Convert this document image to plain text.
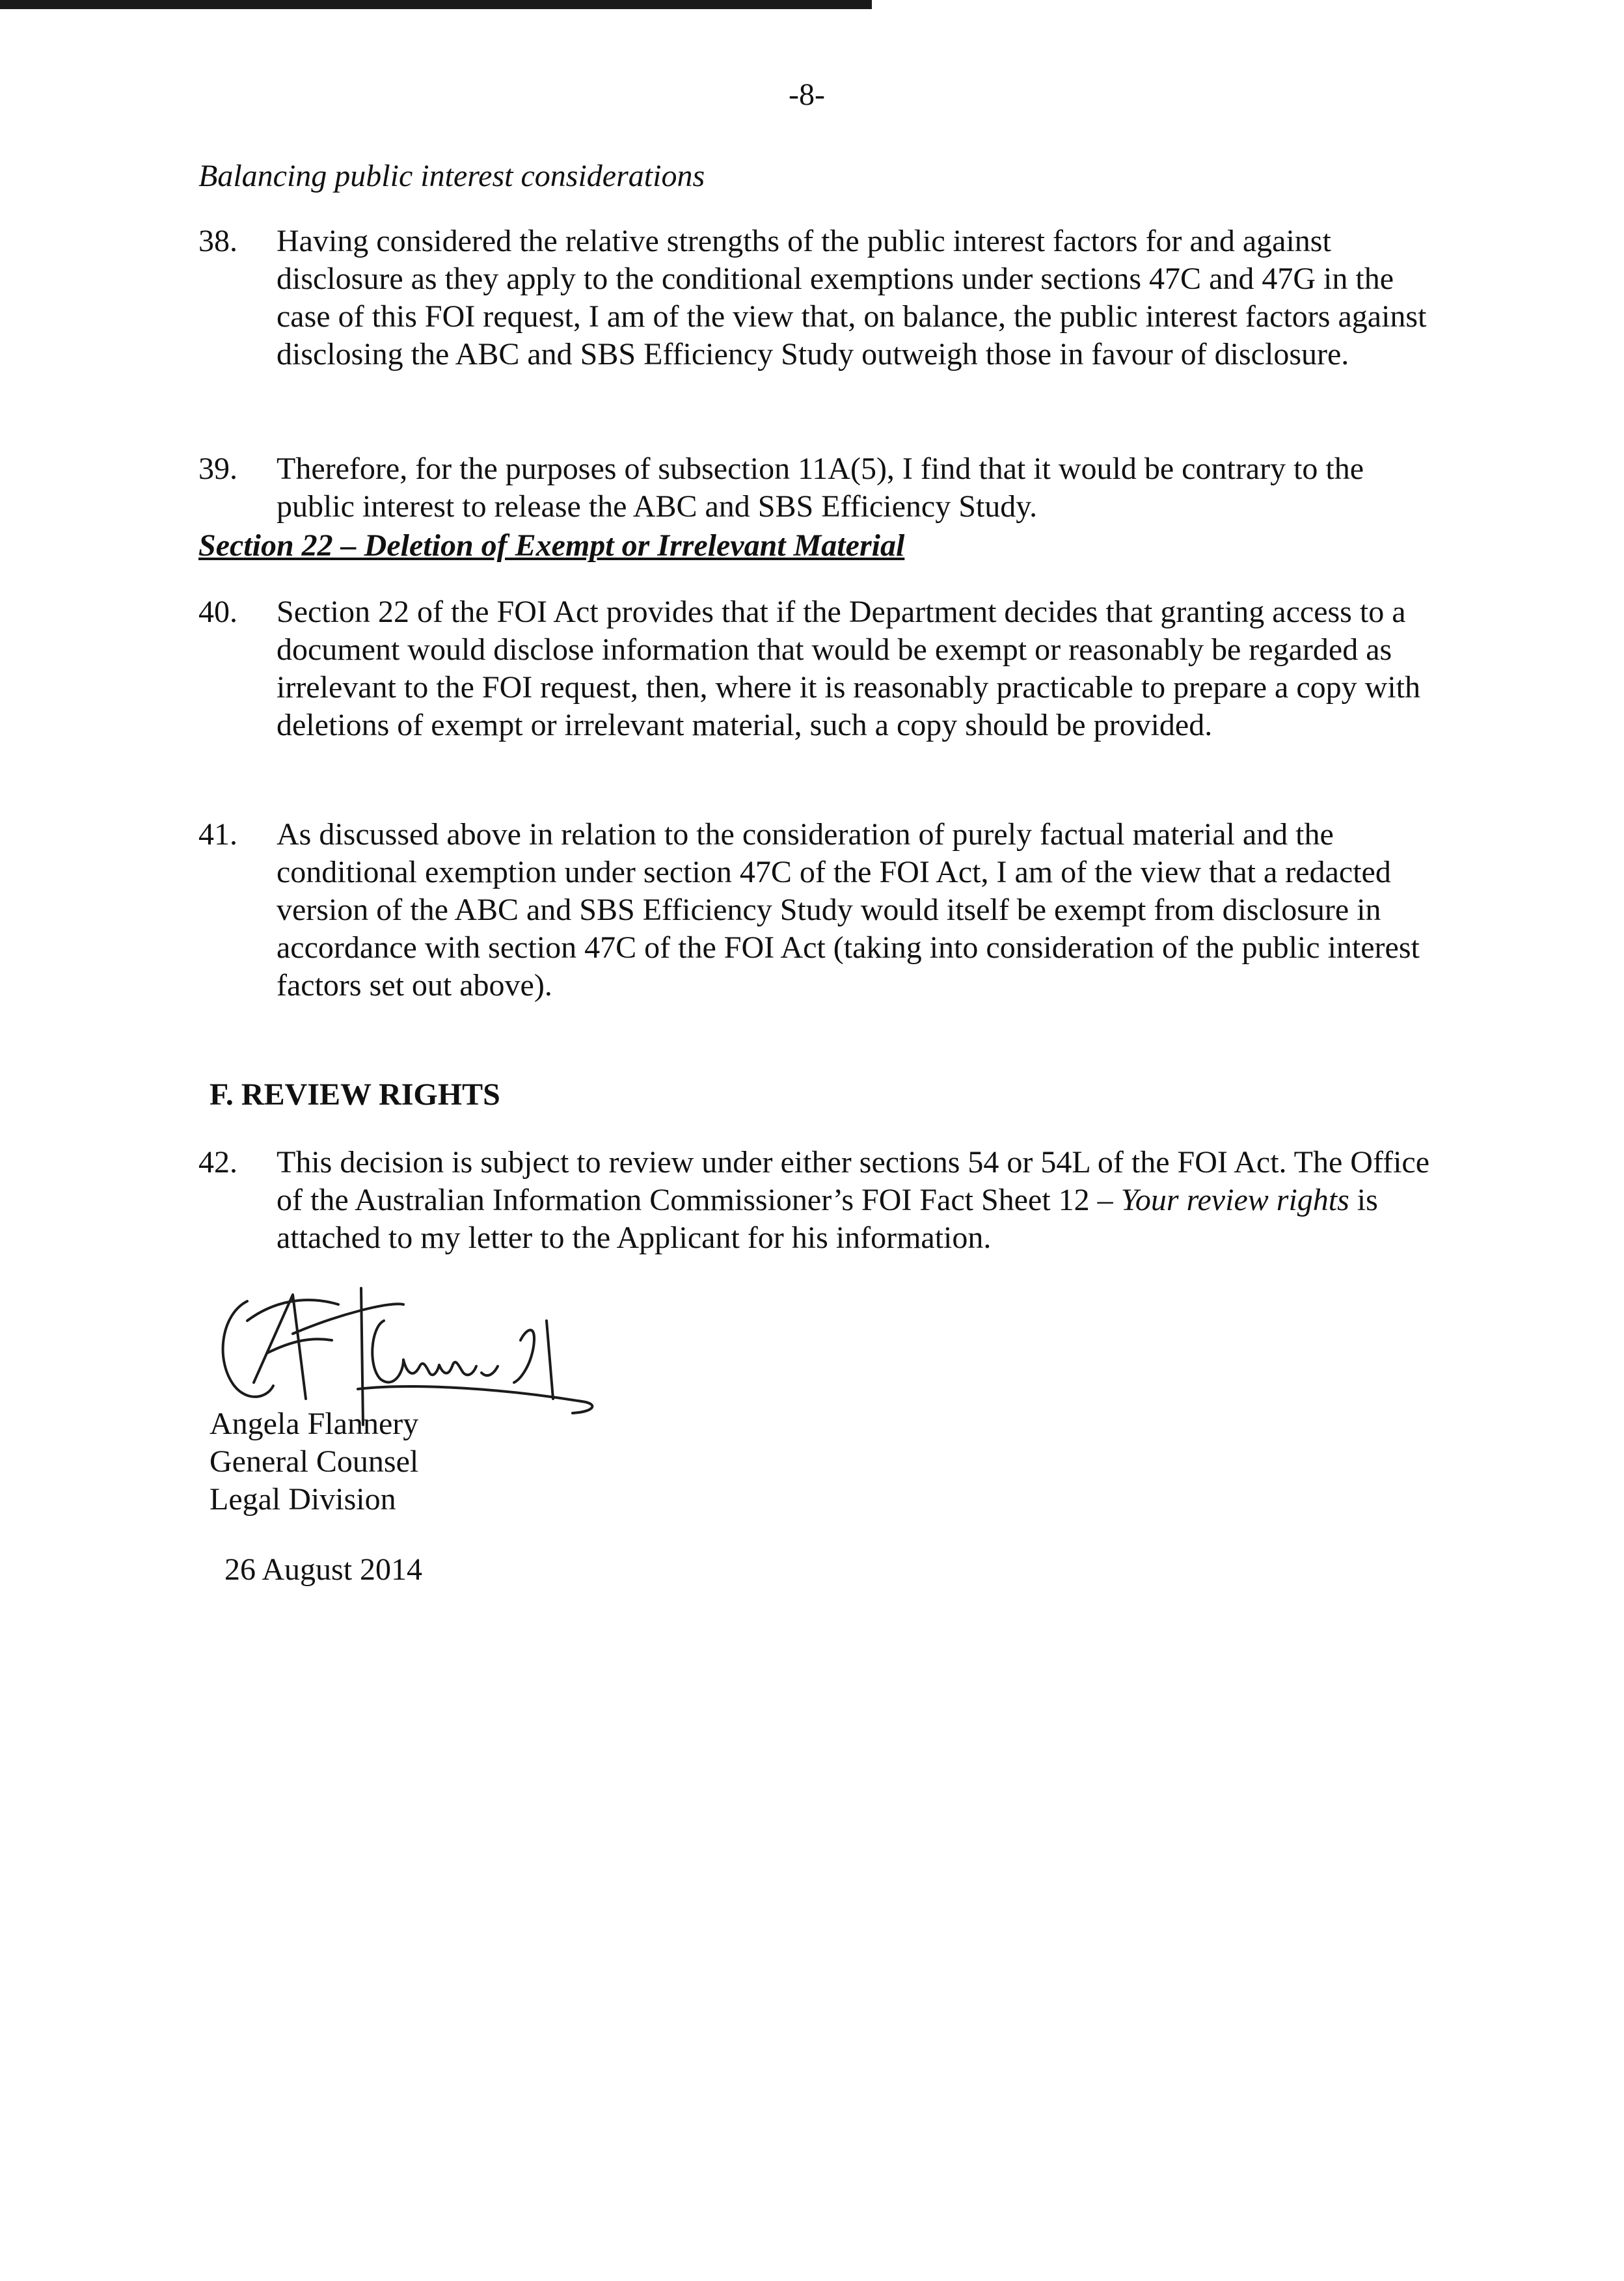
-8-
Balancing public interest considerations
38. Having considered the relative strengths of the public interest factors for and against disclosure as they apply to the conditional exemptions under sections 47C and 47G in the case of this FOI request, I am of the view that, on balance, the public interest factors against disclosing the ABC and SBS Efficiency Study outweigh those in favour of disclosure.
39. Therefore, for the purposes of subsection 11A(5), I find that it would be contrary to the public interest to release the ABC and SBS Efficiency Study.
Section 22 – Deletion of Exempt or Irrelevant Material
40. Section 22 of the FOI Act provides that if the Department decides that granting access to a document would disclose information that would be exempt or reasonably be regarded as irrelevant to the FOI request, then, where it is reasonably practicable to prepare a copy with deletions of exempt or irrelevant material, such a copy should be provided.
41. As discussed above in relation to the consideration of purely factual material and the conditional exemption under section 47C of the FOI Act, I am of the view that a redacted version of the ABC and SBS Efficiency Study would itself be exempt from disclosure in accordance with section 47C of the FOI Act (taking into consideration of the public interest factors set out above).
F. REVIEW RIGHTS
42. This decision is subject to review under either sections 54 or 54L of the FOI Act. The Office of the Australian Information Commissioner’s FOI Fact Sheet 12 – Your review rights is attached to my letter to the Applicant for his information.
Angela Flannery
General Counsel
Legal Division
26 August 2014
